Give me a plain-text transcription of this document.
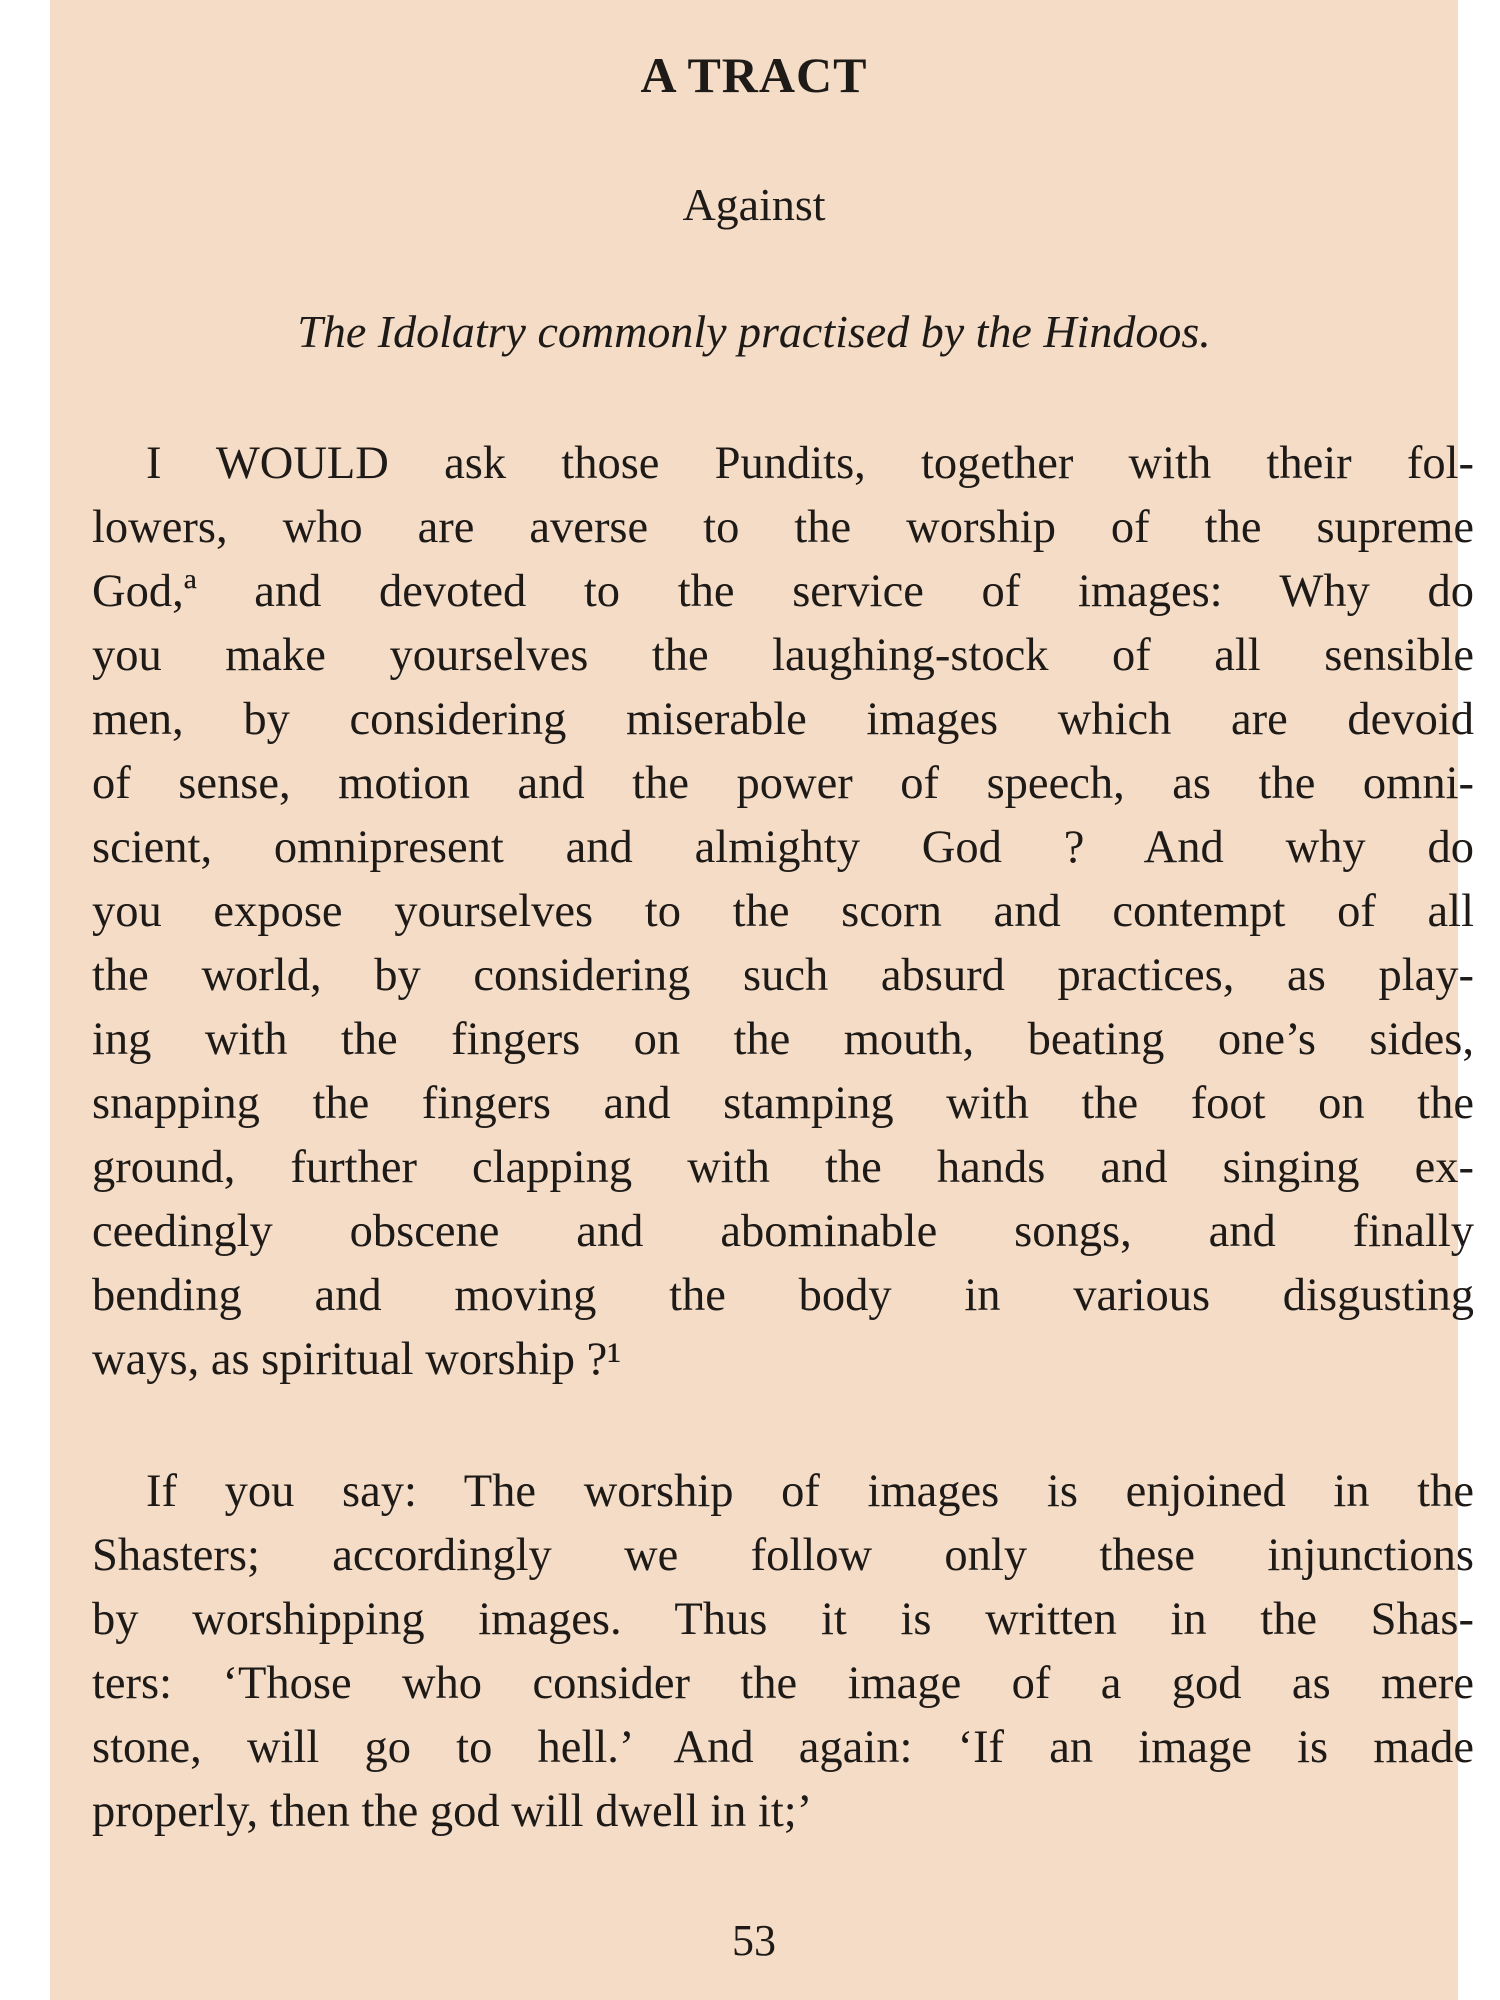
A TRACT
Against
The Idolatry commonly practised by the Hindoos.
I WOULD ask those Pundits, together with their fol-
lowers, who are averse to the worship of the supreme
God,ª and devoted to the service of images: Why do
you make yourselves the laughing-stock of all sensible
men, by considering miserable images which are devoid
of sense, motion and the power of speech, as the omni-
scient, omnipresent and almighty God ? And why do
you expose yourselves to the scorn and contempt of all
the world, by considering such absurd practices, as play-
ing with the fingers on the mouth, beating one’s sides,
snapping the fingers and stamping with the foot on the
ground, further clapping with the hands and singing ex-
ceedingly obscene and abominable songs, and finally
bending and moving the body in various disgusting
ways, as spiritual worship ?¹
If you say: The worship of images is enjoined in the
Shasters; accordingly we follow only these injunctions
by worshipping images. Thus it is written in the Shas-
ters: ‘Those who consider the image of a god as mere
stone, will go to hell.’ And again: ‘If an image is made
properly, then the god will dwell in it;’
53
